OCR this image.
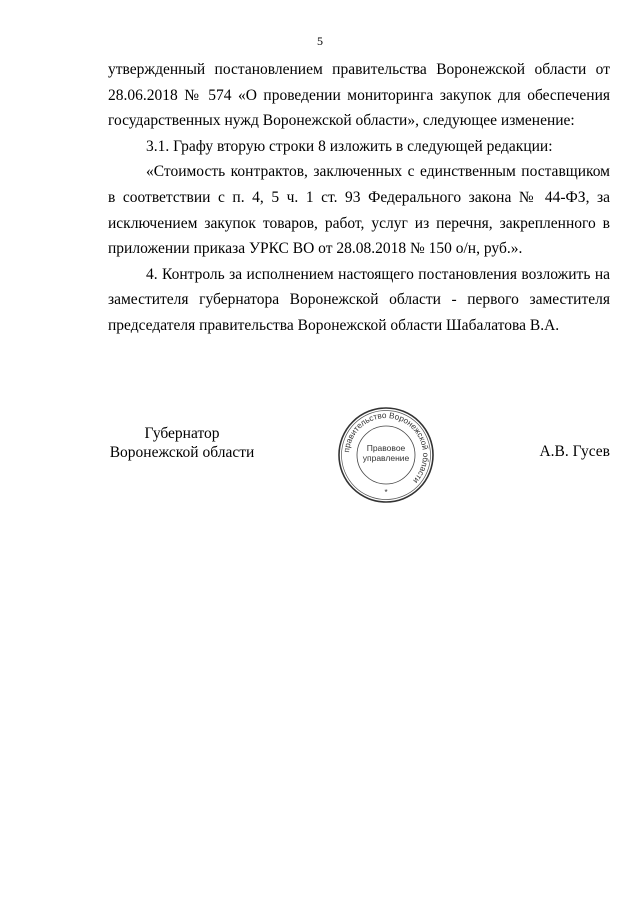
5

утвержденный постановлением правительства Воронежской области от 28.06.2018 № 574 «О проведении мониторинга закупок для обеспечения государственных нужд Воронежской области», следующее изменение:

3.1. Графу вторую строки 8 изложить в следующей редакции:

«Стоимость контрактов, заключенных с единственным поставщиком в соответствии с п. 4, 5 ч. 1 ст. 93 Федерального закона № 44-ФЗ, за исключением закупок товаров, работ, услуг из перечня, закрепленного в приложении приказа УРКС ВО от 28.08.2018 № 150 о/н, руб.».

4. Контроль за исполнением настоящего постановления возложить на заместителя губернатора Воронежской области - первого заместителя председателя правительства Воронежской области Шабалатова В.А.

Губернатор
Воронежской области	правительство Воронежской области
Правовое
управление
*
А.В. Гусев
